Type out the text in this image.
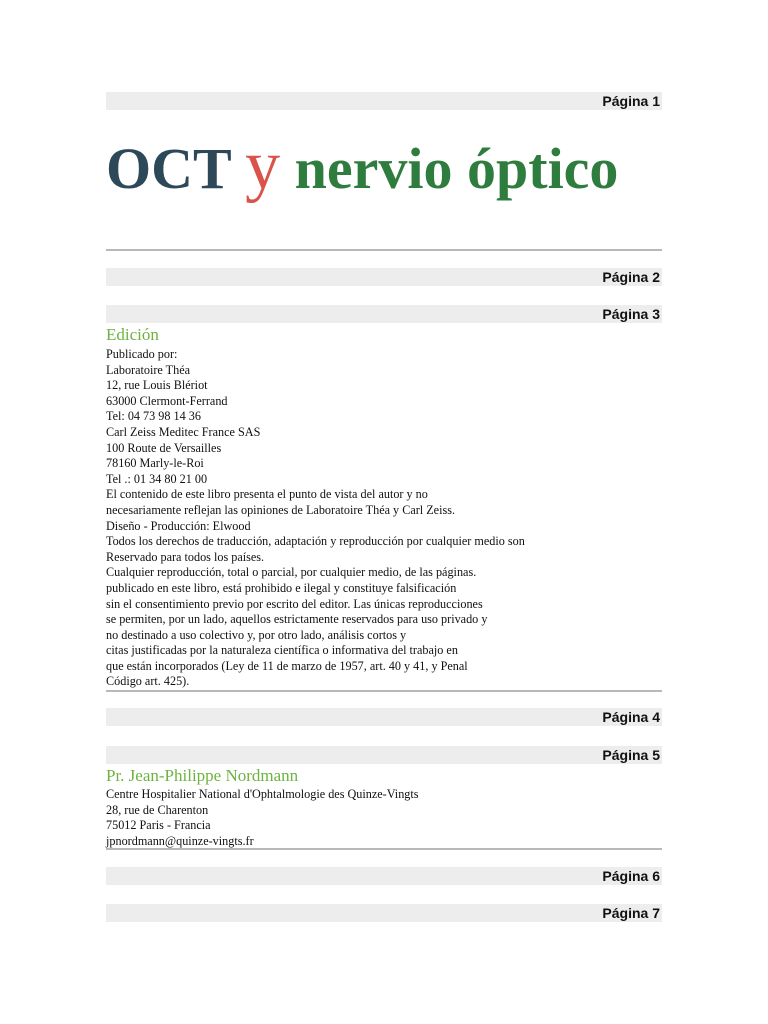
Página 1
OCT y nervio óptico
Página 2
Página 3
Edición
Publicado por:
Laboratoire Théa
12, rue Louis Blériot
63000 Clermont-Ferrand
Tel: 04 73 98 14 36
Carl Zeiss Meditec France SAS
100 Route de Versailles
78160 Marly-le-Roi
Tel .: 01 34 80 21 00
El contenido de este libro presenta el punto de vista del autor y no
necesariamente reflejan las opiniones de Laboratoire Théa y Carl Zeiss.
Diseño - Producción: Elwood
Todos los derechos de traducción, adaptación y reproducción por cualquier medio son
Reservado para todos los países.
Cualquier reproducción, total o parcial, por cualquier medio, de las páginas.
publicado en este libro, está prohibido e ilegal y constituye falsificación
sin el consentimiento previo por escrito del editor. Las únicas reproducciones
se permiten, por un lado, aquellos estrictamente reservados para uso privado y
no destinado a uso colectivo y, por otro lado, análisis cortos y
citas justificadas por la naturaleza científica o informativa del trabajo en
que están incorporados (Ley de 11 de marzo de 1957, art. 40 y 41, y Penal
Código art. 425).
Página 4
Página 5
Pr. Jean-Philippe Nordmann
Centre Hospitalier National d'Ophtalmologie des Quinze-Vingts
28, rue de Charenton
75012 Paris - Francia
jpnordmann@quinze-vingts.fr
Página 6
Página 7
